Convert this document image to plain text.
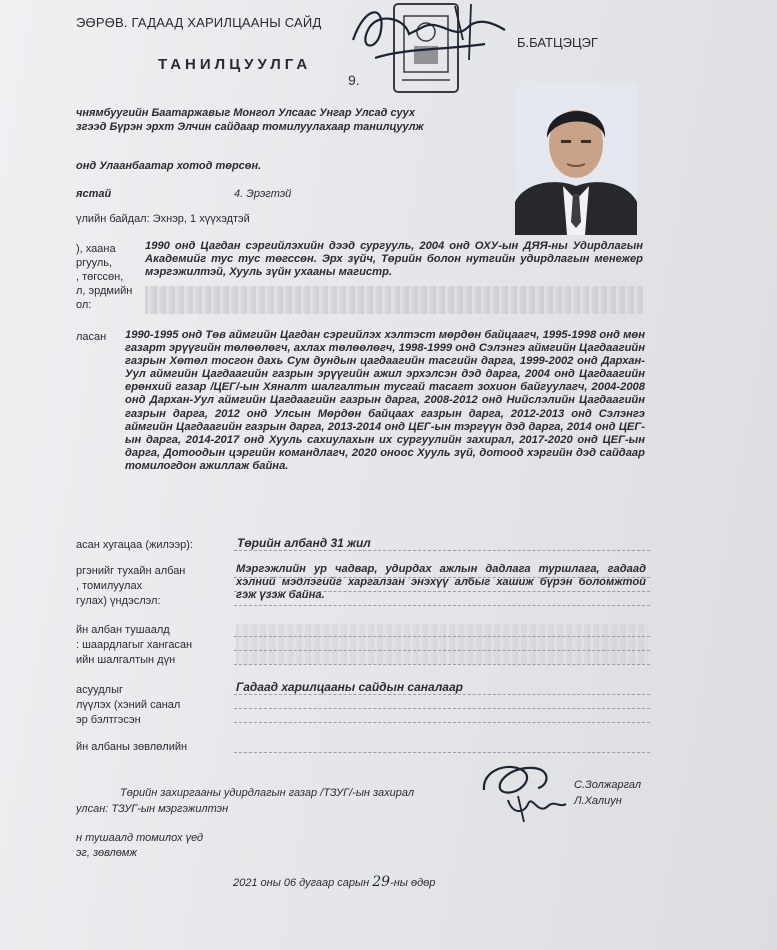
ЭӨРӨВ. ГАДААД ХАРИЛЦААНЫ САЙД
Б.БАТЦЭЦЭГ
9.
ТАНИЛЦУУЛГА
чнямбуугийн Баатаржавыг Монгол Улсаас Унгар Улсад суух
згээд Бүрэн эрхт Элчин сайдаар томилуулахаар танилцуулж
онд Улаанбаатар хотод төрсөн.
ястай	4. Эрэгтэй
үлийн байдал: Эхнэр, 1 хүүхэдтэй
), хаана
ргууль,
, төгссөн,
л, эрдмийн
ол:
1990 онд Цагдан сэргийлэхийн дээд сургууль, 2004 онд ОХУ-ын ДЯЯ-ны Удирдлагын Академийг тус тус төгссөн. Эрх зүйч, Төрийн болон нутгийн удирдлагын менежер мэргэжилтэй, Хууль зүйн ухааны магистр.
ласан 1990-1995 онд Төв аймгийн Цагдан сэргийлэх хэлтэст мөрдөн байцаагч, 1995-1998 онд мөн газарт эрүүгийн төлөөлөгч, ахлах төлөөлөгч, 1998-1999 онд Сэлэнгэ аймгийн Цагдаагийн газрын Хөтөл тосгон дахь Сум дундын цагдаагийн тасгийн дарга, 1999-2002 онд Дархан-Уул аймгийн Цагдаагийн газрын эрүүгийн ажил эрхэлсэн дэд дарга, 2004 онд Цагдаагийн ерөнхий газар /ЦЕГ/-ын Хяналт шалгалтын тусгай тасагт зохион байгуулагч, 2004-2008 онд Дархан-Уул аймгийн Цагдаагийн газрын дарга, 2008-2012 онд Нийслэлийн Цагдаагийн газрын дарга, 2012 онд Улсын Мөрдөн байцаах газрын дарга, 2012-2013 онд Сэлэнгэ аймгийн Цагдаагийн газрын дарга, 2013-2014 онд ЦЕГ-ын тэргүүн дэд дарга, 2014 онд ЦЕГ-ын дарга, 2014-2017 онд Хууль сахиулахын их сургуулийн захирал, 2017-2020 онд ЦЕГ-ын дарга, Дотоодын цэргийн командлагч, 2020 оноос Хууль зүй, дотоод хэргийн дэд сайдаар томилогдон ажиллаж байна.
асан хугацаа (жилээр):	Төрийн албанд 31 жил
ргэнийг тухайн албан
, томилуулах
гулах) үндэслэл:
Мэргэжлийн ур чадвар, удирдах ажлын дадлага туршлага, гадаад хэлний мэдлэгийг харгалзан энэхүү албыг хашиж бүрэн боломжтой гэж үзэж байна.
йн албан тушаалд
: шаардлагыг хангасан
ийн шалгалтын дүн
асуудлыг
лүүлэх (хэний санал
эр бэлтгэсэн
Гадаад харилцааны сайдын саналаар
йн албаны зөвлөлийн
Төрийн захиргааны удирдлагын газар /ТЗУГ/-ын захирал
С.Золжаргал
улсан: ТЗУГ-ын мэргэжилтэн
Л.Халиун
н тушаалд томилох үед
эг, зөвлөмж
2021 оны 06 дугаар сарын 29-ны өдөр
